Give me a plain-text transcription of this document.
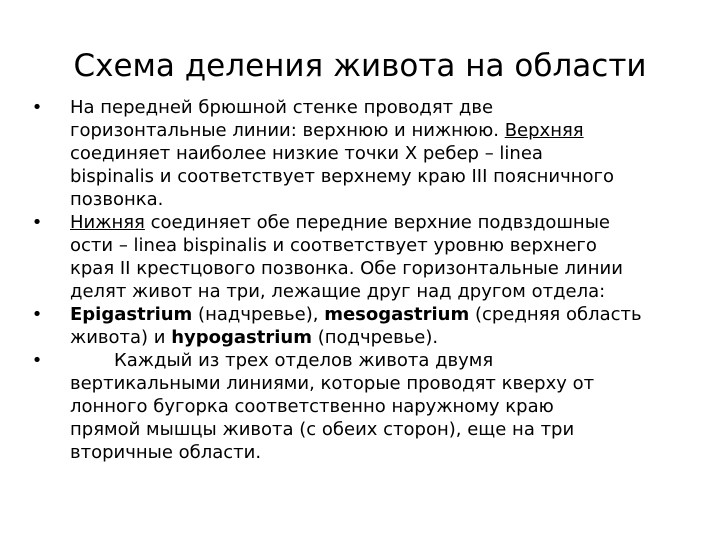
Схема деления живота на области
• На передней брюшной стенке проводят две
горизонтальные линии: верхнюю и нижнюю. Верхняя
соединяет наиболее низкие точки X ребер – linea
bispinalis и соответствует верхнему краю III поясничного
позвонка.
• Нижняя соединяет обе передние верхние подвздошные
ости – linea bispinalis и соответствует уровню верхнего
края II крестцового позвонка. Обе горизонтальные линии
делят живот на три, лежащие друг над другом отдела:
• Epigastrium (надчревье), mesogastrium (средняя область
живота) и hypogastrium (подчревье).
•	Каждый из трех отделов живота двумя
вертикальными линиями, которые проводят кверху от
лонного бугорка соответственно наружному краю
прямой мышцы живота (с обеих сторон), еще на три
вторичные области.
